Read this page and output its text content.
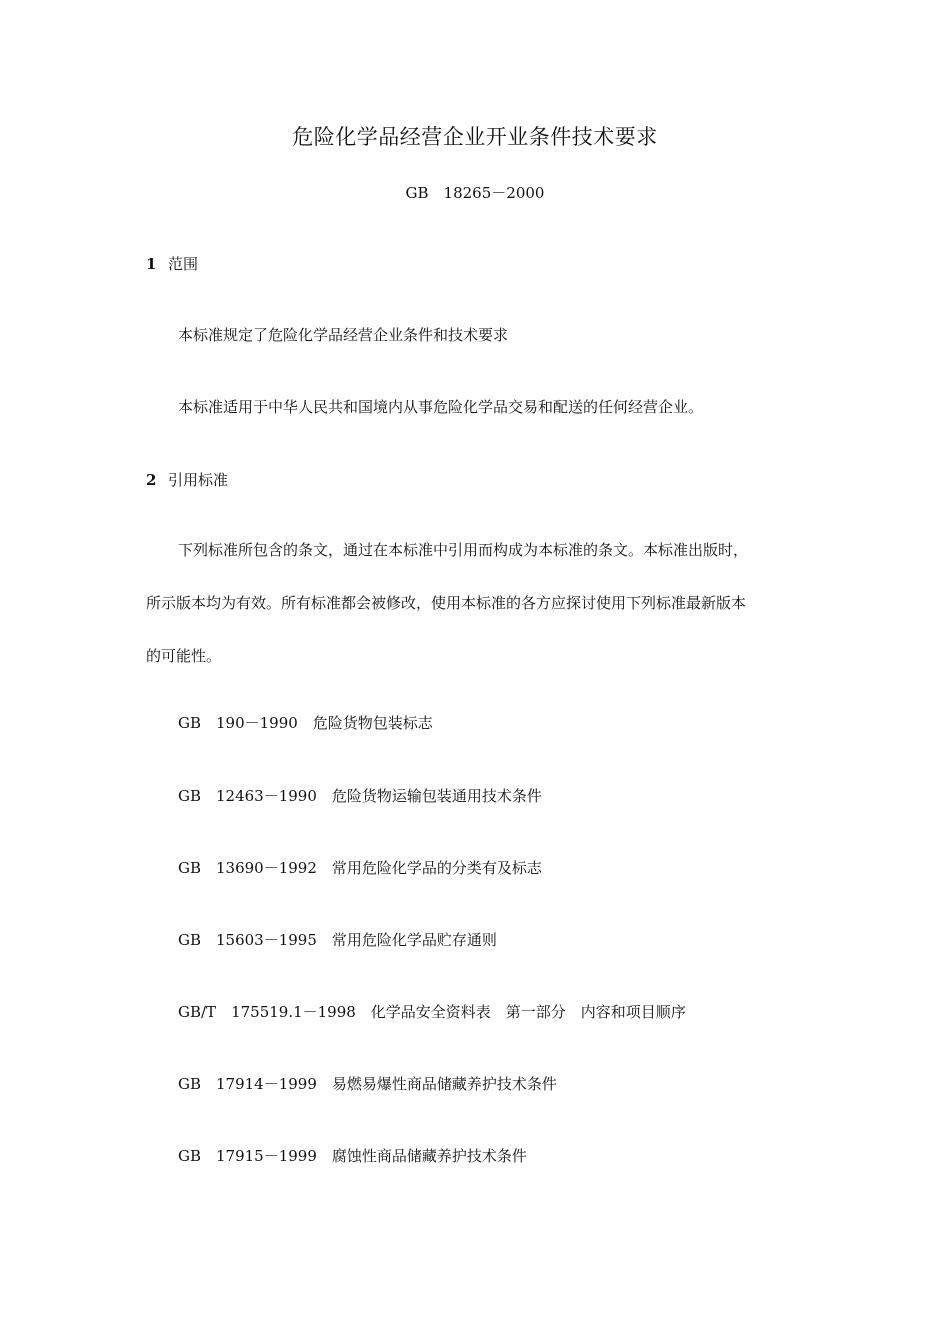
危险化学品经营企业开业条件技术要求
GB　18265－2000
1 范围
本标准规定了危险化学品经营企业条件和技术要求
本标准适用于中华人民共和国境内从事危险化学品交易和配送的任何经营企业。
2 引用标准
下列标准所包含的条文，通过在本标准中引用而构成为本标准的条文。本标准出版时，
所示版本均为有效。所有标准都会被修改，使用本标准的各方应探讨使用下列标准最新版本
的可能性。
GB　190－1990　危险货物包装标志
GB　12463－1990　危险货物运输包装通用技术条件
GB　13690－1992　常用危险化学品的分类有及标志
GB　15603－1995　常用危险化学品贮存通则
GB/T　175519.1－1998　化学品安全资料表　第一部分　内容和项目顺序
GB　17914－1999　易燃易爆性商品储藏养护技术条件
GB　17915－1999　腐蚀性商品储藏养护技术条件
